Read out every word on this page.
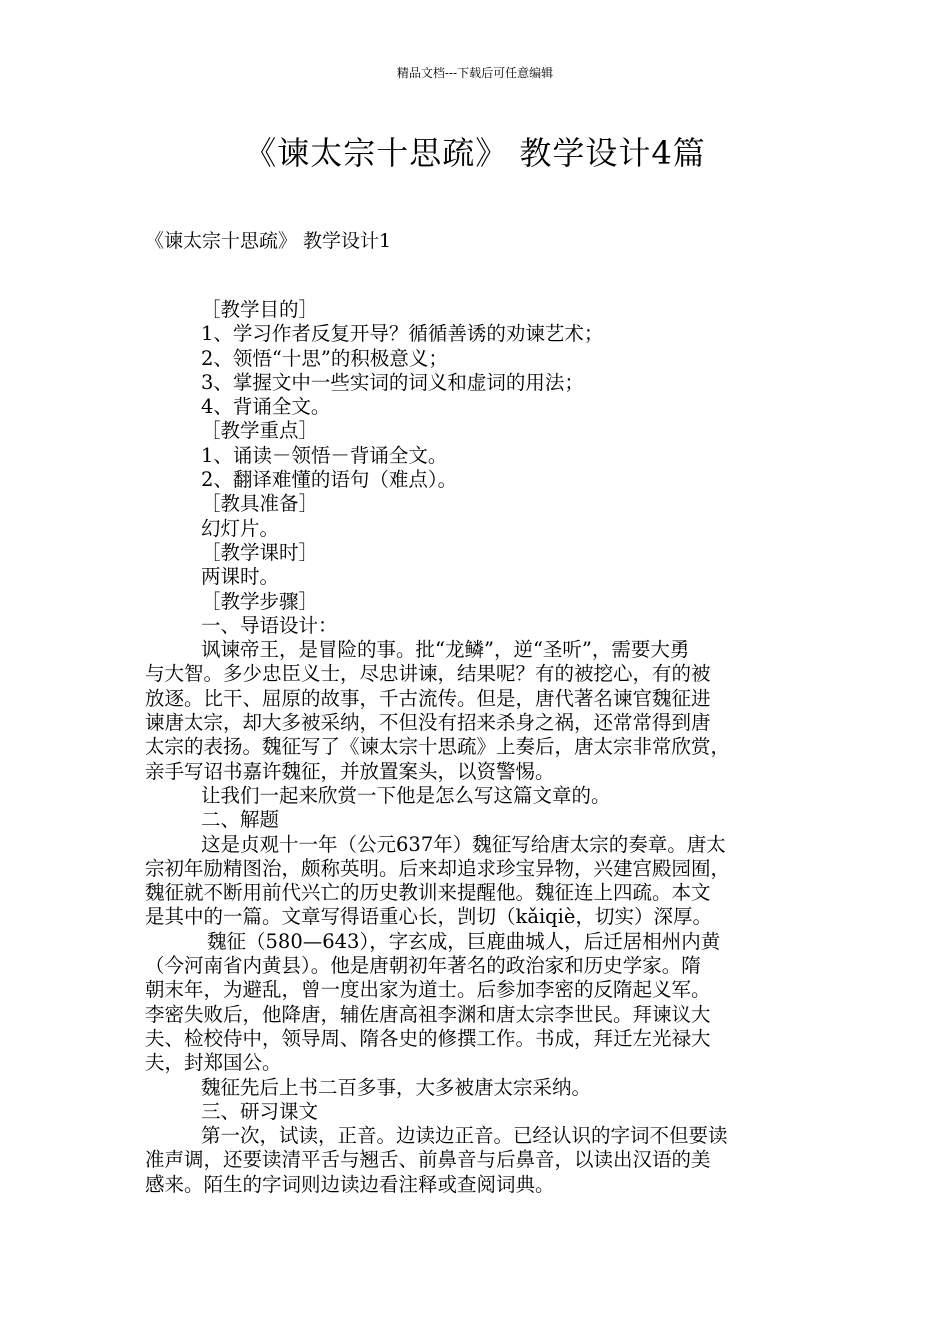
精品文档---下载后可任意编辑
《谏太宗十思疏》 教学设计4篇
《谏太宗十思疏》 教学设计1
［教学目的］
1、学习作者反复开导？循循善诱的劝谏艺术；
2、领悟“十思”的积极意义；
3、掌握文中一些实词的词义和虚词的用法；
4、背诵全文。
［教学重点］
1、诵读－领悟－背诵全文。
2、翻译难懂的语句（难点）。
［教具准备］
幻灯片。
［教学课时］
两课时。
［教学步骤］
一、导语设计：
讽谏帝王，是冒险的事。批“龙鳞”，逆“圣听”，需要大勇
与大智。多少忠臣义士，尽忠讲谏，结果呢？有的被挖心，有的被
放逐。比干、屈原的故事，千古流传。但是，唐代著名谏官魏征进
谏唐太宗，却大多被采纳，不但没有招来杀身之祸，还常常得到唐
太宗的表扬。魏征写了《谏太宗十思疏》上奏后，唐太宗非常欣赏，
亲手写诏书嘉许魏征，并放置案头，以资警惕。
让我们一起来欣赏一下他是怎么写这篇文章的。
二、解题
这是贞观十一年（公元637年）魏征写给唐太宗的奏章。唐太
宗初年励精图治，颇称英明。后来却追求珍宝异物，兴建宫殿园囿，
魏征就不断用前代兴亡的历史教训来提醒他。魏征连上四疏。本文
是其中的一篇。文章写得语重心长，剀切（kǎiqiè，切实）深厚。
魏征（580—643），字玄成，巨鹿曲城人，后迁居相州内黄
（今河南省内黄县）。他是唐朝初年著名的政治家和历史学家。隋
朝末年，为避乱，曾一度出家为道士。后参加李密的反隋起义军。
李密失败后，他降唐，辅佐唐高祖李渊和唐太宗李世民。拜谏议大
夫、检校侍中，领导周、隋各史的修撰工作。书成，拜迁左光禄大
夫，封郑国公。
魏征先后上书二百多事，大多被唐太宗采纳。
三、研习课文
第一次，试读，正音。边读边正音。已经认识的字词不但要读
准声调，还要读清平舌与翘舌、前鼻音与后鼻音，以读出汉语的美
感来。陌生的字词则边读边看注释或查阅词典。
